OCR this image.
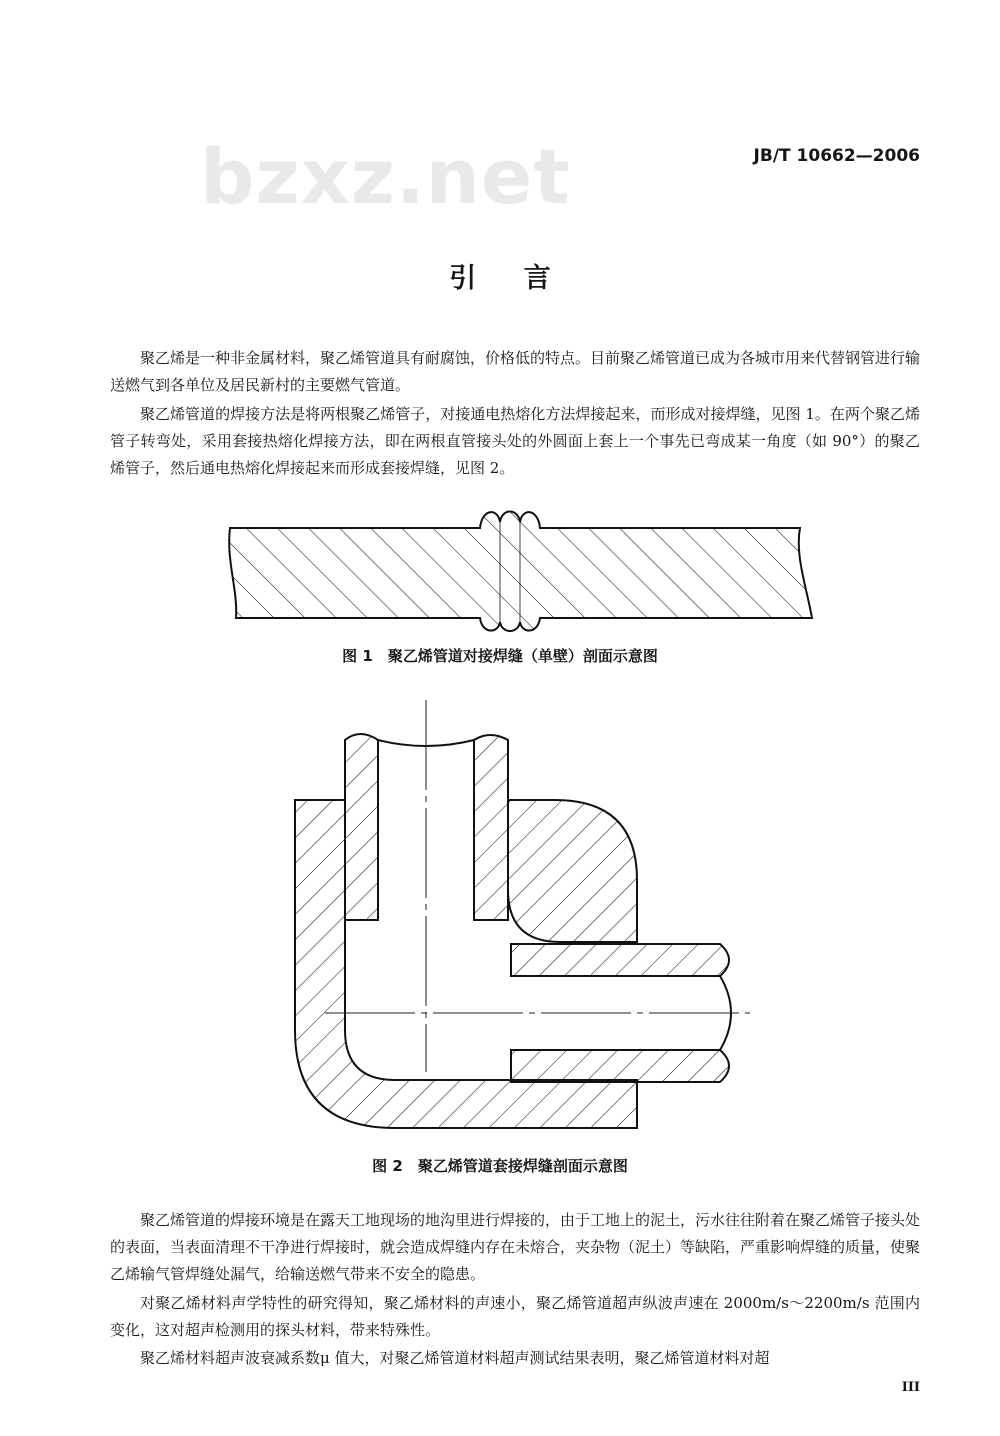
bzxz.net	JB/T 10662—2006
引 言

聚乙烯是一种非金属材料，聚乙烯管道具有耐腐蚀，价格低的特点。目前聚乙烯管道已成为各城市用来代替钢管进行输送燃气到各单位及居民新村的主要燃气管道。

聚乙烯管道的焊接方法是将两根聚乙烯管子，对接通电热熔化方法焊接起来，而形成对接焊缝，见图 1。在两个聚乙烯管子转弯处，采用套接热熔化焊接方法，即在两根直管接头处的外圆面上套上一个事先已弯成某一角度（如 90°）的聚乙烯管子，然后通电热熔化焊接起来而形成套接焊缝，见图 2。

图 1　聚乙烯管道对接焊缝（单壁）剖面示意图
图 2　聚乙烯管道套接焊缝剖面示意图

聚乙烯管道的焊接环境是在露天工地现场的地沟里进行焊接的，由于工地上的泥土，污水往往附着在聚乙烯管子接头处的表面，当表面清理不干净进行焊接时，就会造成焊缝内存在未熔合，夹杂物（泥土）等缺陷，严重影响焊缝的质量，使聚乙烯输气管焊缝处漏气，给输送燃气带来不安全的隐患。

对聚乙烯材料声学特性的研究得知，聚乙烯材料的声速小，聚乙烯管道超声纵波声速在 2000m/s～2200m/s 范围内变化，这对超声检测用的探头材料，带来特殊性。

聚乙烯材料超声波衰减系数μ 值大，对聚乙烯管道材料超声测试结果表明，聚乙烯管道材料对超

III
